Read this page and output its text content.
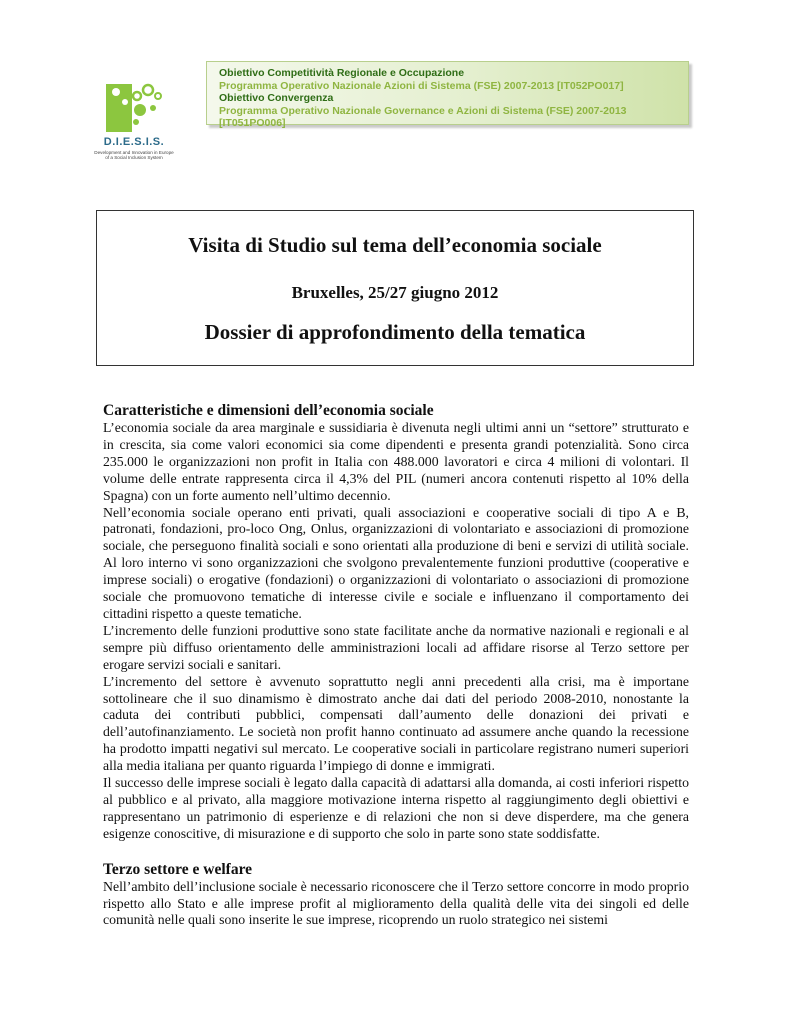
D.I.E.S.I.S.
Development and Innovation in Europe
of a Social Inclusion System
Obiettivo Competitività Regionale e Occupazione
Programma Operativo Nazionale Azioni di Sistema (FSE) 2007-2013 [IT052PO017]
Obiettivo Convergenza
Programma Operativo Nazionale Governance e Azioni di Sistema (FSE) 2007-2013 [IT051PO006]
Visita di Studio sul tema dell’economia sociale
Bruxelles, 25/27 giugno 2012
Dossier di approfondimento della tematica
Caratteristiche e dimensioni dell’economia sociale

L’economia sociale da area marginale e sussidiaria è divenuta negli ultimi anni un “settore” strutturato e in crescita, sia come valori economici sia come dipendenti e presenta grandi potenzialità. Sono circa 235.000 le organizzazioni non profit in Italia con 488.000 lavoratori e circa 4 milioni di volontari. Il volume delle entrate rappresenta circa il 4,3% del PIL (numeri ancora contenuti rispetto al 10% della Spagna) con un forte aumento nell’ultimo decennio.

Nell’economia sociale operano enti privati, quali associazioni e cooperative sociali di tipo A e B, patronati, fondazioni, pro-loco Ong, Onlus, organizzazioni di volontariato e associazioni di promozione sociale, che perseguono finalità sociali e sono orientati alla produzione di beni e servizi di utilità sociale. Al loro interno vi sono organizzazioni che svolgono prevalentemente funzioni produttive (cooperative e imprese sociali) o erogative (fondazioni) o organizzazioni di volontariato o associazioni di promozione sociale che promuovono tematiche di interesse civile e sociale e influenzano il comportamento dei cittadini rispetto a queste tematiche.

L’incremento delle funzioni produttive sono state facilitate anche da normative nazionali e regionali e al sempre più diffuso orientamento delle amministrazioni locali ad affidare risorse al Terzo settore per erogare servizi sociali e sanitari.

L’incremento del settore è avvenuto soprattutto negli anni precedenti alla crisi, ma è importane sottolineare che il suo dinamismo è dimostrato anche dai dati del periodo 2008-2010, nonostante la caduta dei contributi pubblici, compensati dall’aumento delle donazioni dei privati e dell’autofinanziamento. Le società non profit hanno continuato ad assumere anche quando la recessione ha prodotto impatti negativi sul mercato. Le cooperative sociali in particolare registrano numeri superiori alla media italiana per quanto riguarda l’impiego di donne e immigrati.

Il successo delle imprese sociali è legato dalla capacità di adattarsi alla domanda, ai costi inferiori rispetto al pubblico e al privato, alla maggiore motivazione interna rispetto al raggiungimento degli obiettivi e rappresentano un patrimonio di esperienze e di relazioni che non si deve disperdere, ma che genera esigenze conoscitive, di misurazione e di supporto che solo in parte sono state soddisfatte.

Terzo settore e welfare

Nell’ambito dell’inclusione sociale è necessario riconoscere che il Terzo settore concorre in modo proprio rispetto allo Stato e alle imprese profit al miglioramento della qualità delle vita dei singoli ed delle comunità nelle quali sono inserite le sue imprese, ricoprendo un ruolo strategico nei sistemi
